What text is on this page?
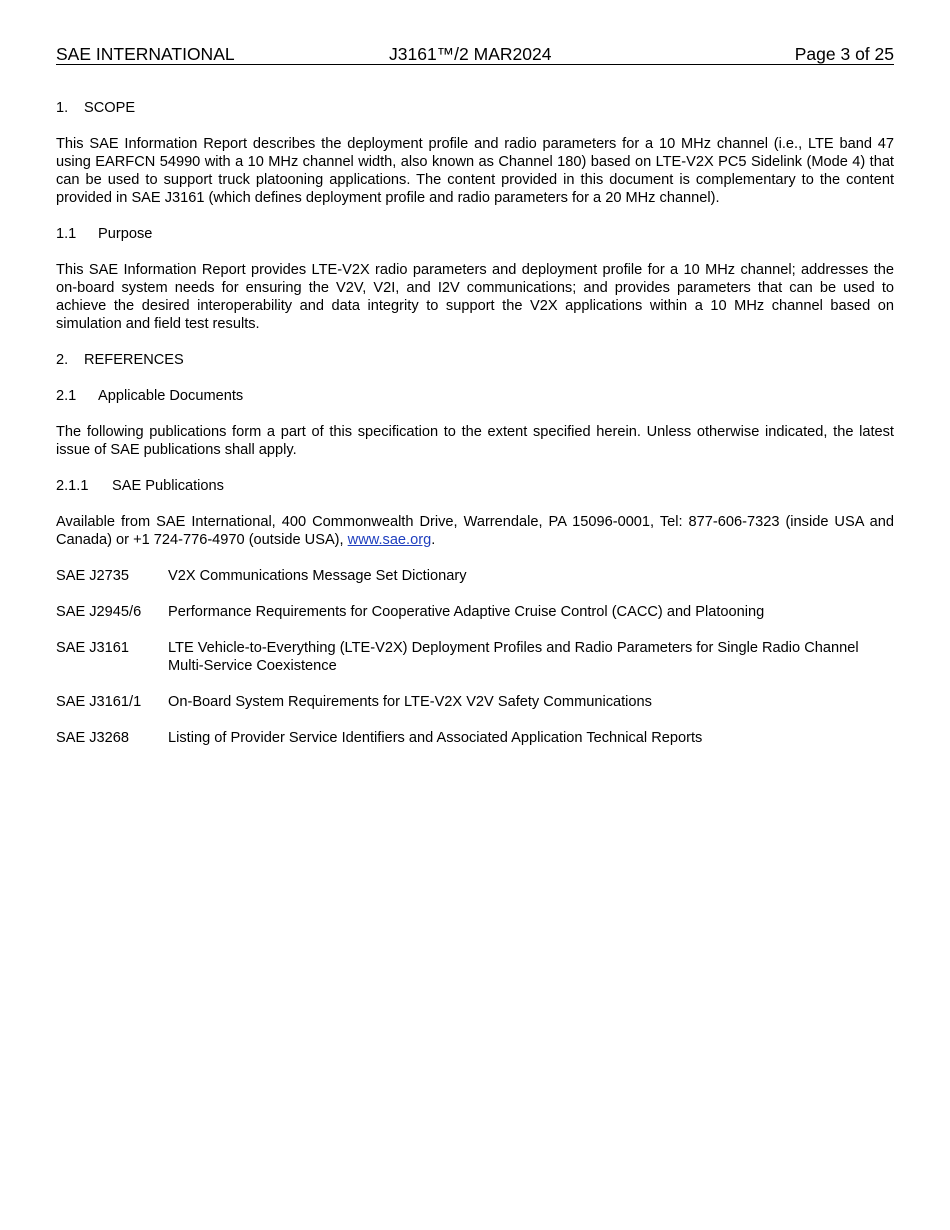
SAE INTERNATIONAL	J3161™/2 MAR2024	Page 3 of 25

1. SCOPE

This SAE Information Report describes the deployment profile and radio parameters for a 10 MHz channel (i.e., LTE band 47 using EARFCN 54990 with a 10 MHz channel width, also known as Channel 180) based on LTE-V2X PC5 Sidelink (Mode 4) that can be used to support truck platooning applications. The content provided in this document is complementary to the content provided in SAE J3161 (which defines deployment profile and radio parameters for a 20 MHz channel).

1.1 Purpose

This SAE Information Report provides LTE-V2X radio parameters and deployment profile for a 10 MHz channel; addresses the on-board system needs for ensuring the V2V, V2I, and I2V communications; and provides parameters that can be used to achieve the desired interoperability and data integrity to support the V2X applications within a 10 MHz channel based on simulation and field test results.

2. REFERENCES

2.1 Applicable Documents

The following publications form a part of this specification to the extent specified herein. Unless otherwise indicated, the latest issue of SAE publications shall apply.

2.1.1 SAE Publications

Available from SAE International, 400 Commonwealth Drive, Warrendale, PA 15096-0001, Tel: 877-606-7323 (inside USA and Canada) or +1 724-776-4970 (outside USA), www.sae.org.

SAE J2735	V2X Communications Message Set Dictionary
SAE J2945/6 Performance Requirements for Cooperative Adaptive Cruise Control (CACC) and Platooning
SAE J3161	LTE Vehicle-to-Everything (LTE-V2X) Deployment Profiles and Radio Parameters for Single Radio Channel Multi-Service Coexistence
SAE J3161/1 On-Board System Requirements for LTE-V2X V2V Safety Communications
SAE J3268	Listing of Provider Service Identifiers and Associated Application Technical Reports
